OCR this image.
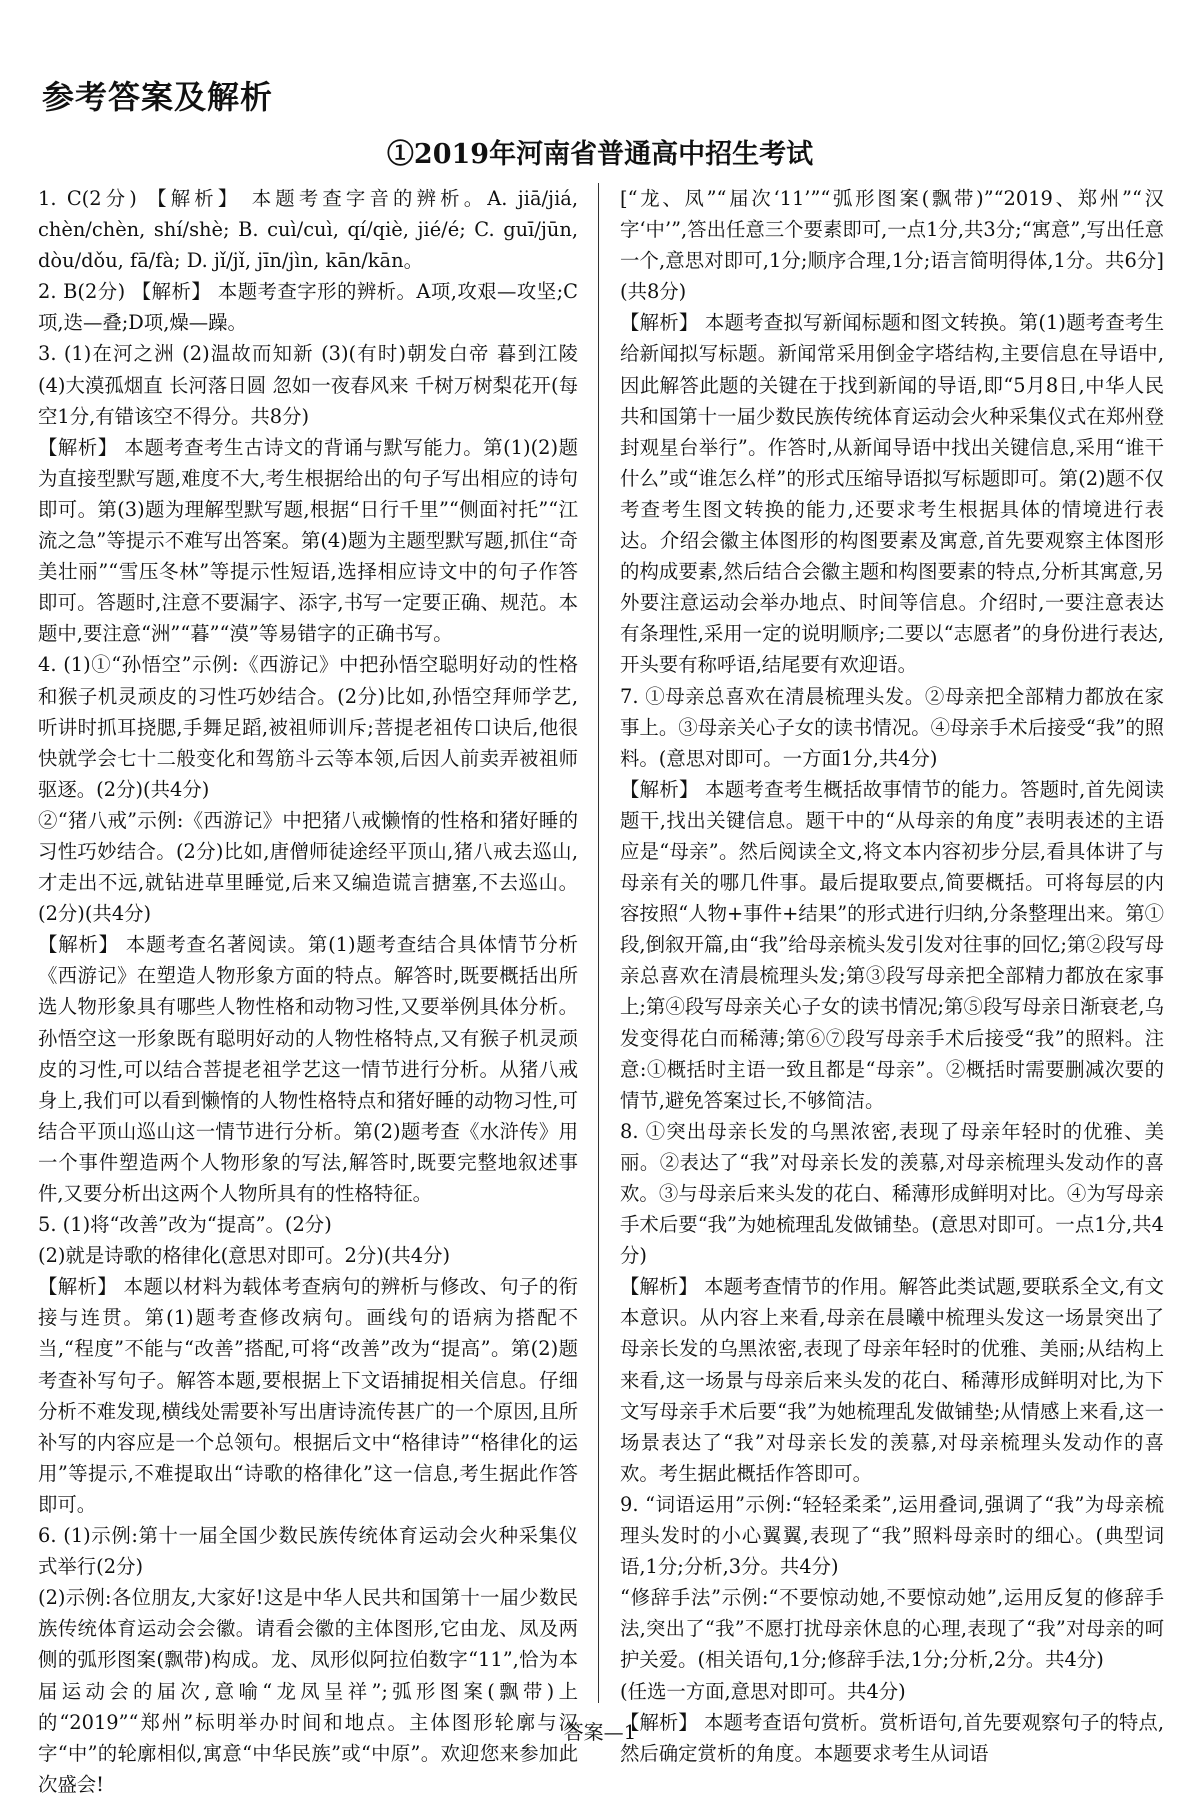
参考答案及解析
①2019年河南省普通高中招生考试

1. C(2分) 【解析】 本题考查字音的辨析。A. jiā/jiá, chèn/chèn, shí/shè; B. cuì/cuì, qí/qiè, jié/é; C. guī/jūn, dòu/dǒu, fā/fà; D. jǐ/jǐ, jīn/jìn, kān/kān。

2. B(2分) 【解析】 本题考查字形的辨析。A项,攻艰—攻坚;C项,迭—叠;D项,燥—躁。

3. (1)在河之洲 (2)温故而知新 (3)(有时)朝发白帝 暮到江陵 (4)大漠孤烟直 长河落日圆 忽如一夜春风来 千树万树梨花开(每空1分,有错该空不得分。共8分)

【解析】 本题考查考生古诗文的背诵与默写能力。第(1)(2)题为直接型默写题,难度不大,考生根据给出的句子写出相应的诗句即可。第(3)题为理解型默写题,根据“日行千里”“侧面衬托”“江流之急”等提示不难写出答案。第(4)题为主题型默写题,抓住“奇美壮丽”“雪压冬林”等提示性短语,选择相应诗文中的句子作答即可。答题时,注意不要漏字、添字,书写一定要正确、规范。本题中,要注意“洲”“暮”“漠”等易错字的正确书写。

4. (1)①“孙悟空”示例:《西游记》中把孙悟空聪明好动的性格和猴子机灵顽皮的习性巧妙结合。(2分)比如,孙悟空拜师学艺,听讲时抓耳挠腮,手舞足蹈,被祖师训斥;菩提老祖传口诀后,他很快就学会七十二般变化和驾筋斗云等本领,后因人前卖弄被祖师驱逐。(2分)(共4分)

②“猪八戒”示例:《西游记》中把猪八戒懒惰的性格和猪好睡的习性巧妙结合。(2分)比如,唐僧师徒途经平顶山,猪八戒去巡山,才走出不远,就钻进草里睡觉,后来又编造谎言搪塞,不去巡山。(2分)(共4分)

【解析】 本题考查名著阅读。第(1)题考查结合具体情节分析《西游记》在塑造人物形象方面的特点。解答时,既要概括出所选人物形象具有哪些人物性格和动物习性,又要举例具体分析。孙悟空这一形象既有聪明好动的人物性格特点,又有猴子机灵顽皮的习性,可以结合菩提老祖学艺这一情节进行分析。从猪八戒身上,我们可以看到懒惰的人物性格特点和猪好睡的动物习性,可结合平顶山巡山这一情节进行分析。第(2)题考查《水浒传》用一个事件塑造两个人物形象的写法,解答时,既要完整地叙述事件,又要分析出这两个人物所具有的性格特征。

5. (1)将“改善”改为“提高”。(2分)

(2)就是诗歌的格律化(意思对即可。2分)(共4分)

【解析】 本题以材料为载体考查病句的辨析与修改、句子的衔接与连贯。第(1)题考查修改病句。画线句的语病为搭配不当,“程度”不能与“改善”搭配,可将“改善”改为“提高”。第(2)题考查补写句子。解答本题,要根据上下文语捕捉相关信息。仔细分析不难发现,横线处需要补写出唐诗流传甚广的一个原因,且所补写的内容应是一个总领句。根据后文中“格律诗”“格律化的运用”等提示,不难提取出“诗歌的格律化”这一信息,考生据此作答即可。

6. (1)示例:第十一届全国少数民族传统体育运动会火种采集仪式举行(2分)

(2)示例:各位朋友,大家好!这是中华人民共和国第十一届少数民族传统体育运动会会徽。请看会徽的主体图形,它由龙、凤及两侧的弧形图案(飘带)构成。龙、凤形似阿拉伯数字“11”,恰为本届运动会的届次,意喻“龙凤呈祥”;弧形图案(飘带)上的“2019”“郑州”标明举办时间和地点。主体图形轮廓与汉字“中”的轮廓相似,寓意“中华民族”或“中原”。欢迎您来参加此次盛会!

[“龙、凤”“届次‘11’”“弧形图案(飘带)”“2019、郑州”“汉字‘中’”,答出任意三个要素即可,一点1分,共3分;“寓意”,写出任意一个,意思对即可,1分;顺序合理,1分;语言简明得体,1分。共6分](共8分)

【解析】 本题考查拟写新闻标题和图文转换。第(1)题考查考生给新闻拟写标题。新闻常采用倒金字塔结构,主要信息在导语中,因此解答此题的关键在于找到新闻的导语,即“5月8日,中华人民共和国第十一届少数民族传统体育运动会火种采集仪式在郑州登封观星台举行”。作答时,从新闻导语中找出关键信息,采用“谁干什么”或“谁怎么样”的形式压缩导语拟写标题即可。第(2)题不仅考查考生图文转换的能力,还要求考生根据具体的情境进行表达。介绍会徽主体图形的构图要素及寓意,首先要观察主体图形的构成要素,然后结合会徽主题和构图要素的特点,分析其寓意,另外要注意运动会举办地点、时间等信息。介绍时,一要注意表达有条理性,采用一定的说明顺序;二要以“志愿者”的身份进行表达,开头要有称呼语,结尾要有欢迎语。

7. ①母亲总喜欢在清晨梳理头发。②母亲把全部精力都放在家事上。③母亲关心子女的读书情况。④母亲手术后接受“我”的照料。(意思对即可。一方面1分,共4分)

【解析】 本题考查考生概括故事情节的能力。答题时,首先阅读题干,找出关键信息。题干中的“从母亲的角度”表明表述的主语应是“母亲”。然后阅读全文,将文本内容初步分层,看具体讲了与母亲有关的哪几件事。最后提取要点,简要概括。可将每层的内容按照“人物+事件+结果”的形式进行归纳,分条整理出来。第①段,倒叙开篇,由“我”给母亲梳头发引发对往事的回忆;第②段写母亲总喜欢在清晨梳理头发;第③段写母亲把全部精力都放在家事上;第④段写母亲关心子女的读书情况;第⑤段写母亲日渐衰老,乌发变得花白而稀薄;第⑥⑦段写母亲手术后接受“我”的照料。注意:①概括时主语一致且都是“母亲”。②概括时需要删减次要的情节,避免答案过长,不够简洁。

8. ①突出母亲长发的乌黑浓密,表现了母亲年轻时的优雅、美丽。②表达了“我”对母亲长发的羡慕,对母亲梳理头发动作的喜欢。③与母亲后来头发的花白、稀薄形成鲜明对比。④为写母亲手术后要“我”为她梳理乱发做铺垫。(意思对即可。一点1分,共4分)

【解析】 本题考查情节的作用。解答此类试题,要联系全文,有文本意识。从内容上来看,母亲在晨曦中梳理头发这一场景突出了母亲长发的乌黑浓密,表现了母亲年轻时的优雅、美丽;从结构上来看,这一场景与母亲后来头发的花白、稀薄形成鲜明对比,为下文写母亲手术后要“我”为她梳理乱发做铺垫;从情感上来看,这一场景表达了“我”对母亲长发的羡慕,对母亲梳理头发动作的喜欢。考生据此概括作答即可。

9. “词语运用”示例:“轻轻柔柔”,运用叠词,强调了“我”为母亲梳理头发时的小心翼翼,表现了“我”照料母亲时的细心。(典型词语,1分;分析,3分。共4分)

“修辞手法”示例:“不要惊动她,不要惊动她”,运用反复的修辞手法,突出了“我”不愿打扰母亲休息的心理,表现了“我”对母亲的呵护关爱。(相关语句,1分;修辞手法,1分;分析,2分。共4分)

(任选一方面,意思对即可。共4分)

【解析】 本题考查语句赏析。赏析语句,首先要观察句子的特点,然后确定赏析的角度。本题要求考生从词语

答案—1
